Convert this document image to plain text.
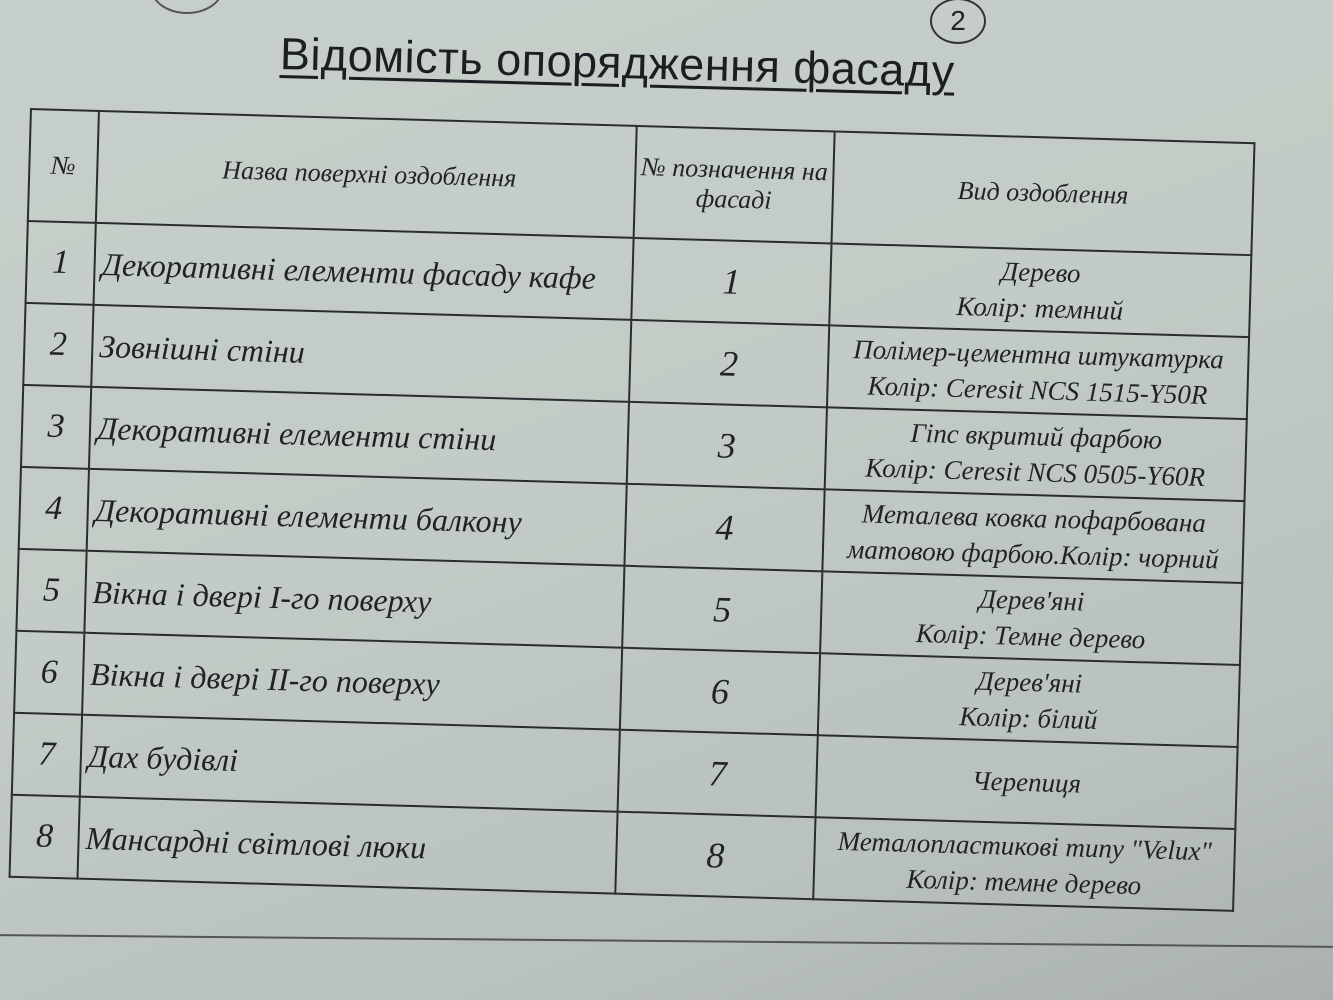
2
Відомість опорядження фасаду
№	Назва поверхні оздоблення	№ позначення на фасаді	Вид оздоблення
1	Декоративні елементи фасаду кафе	1	Дерево
Колір: темний

2	Зовнішні стіни	2	Полімер-цементна штукатурка
Колір: Ceresit NCS 1515-Y50R

3	Декоративні елементи стіни	3	Гіпс вкритий фарбою
Колір: Ceresit NCS 0505-Y60R

4	Декоративні елементи балкону	4	Металева ковка пофарбована
матовою фарбою.Колір: чорний

5	Вікна і двері І-го поверху	5	Дерев'яні
Колір: Темне дерево

6	Вікна і двері ІІ-го поверху	6	Дерев'яні
Колір: білий

7	Дах будівлі	7	Черепиця

8	Мансардні світлові люки	8	Металопластикові типу "Velux"
Колір: темне дерево
